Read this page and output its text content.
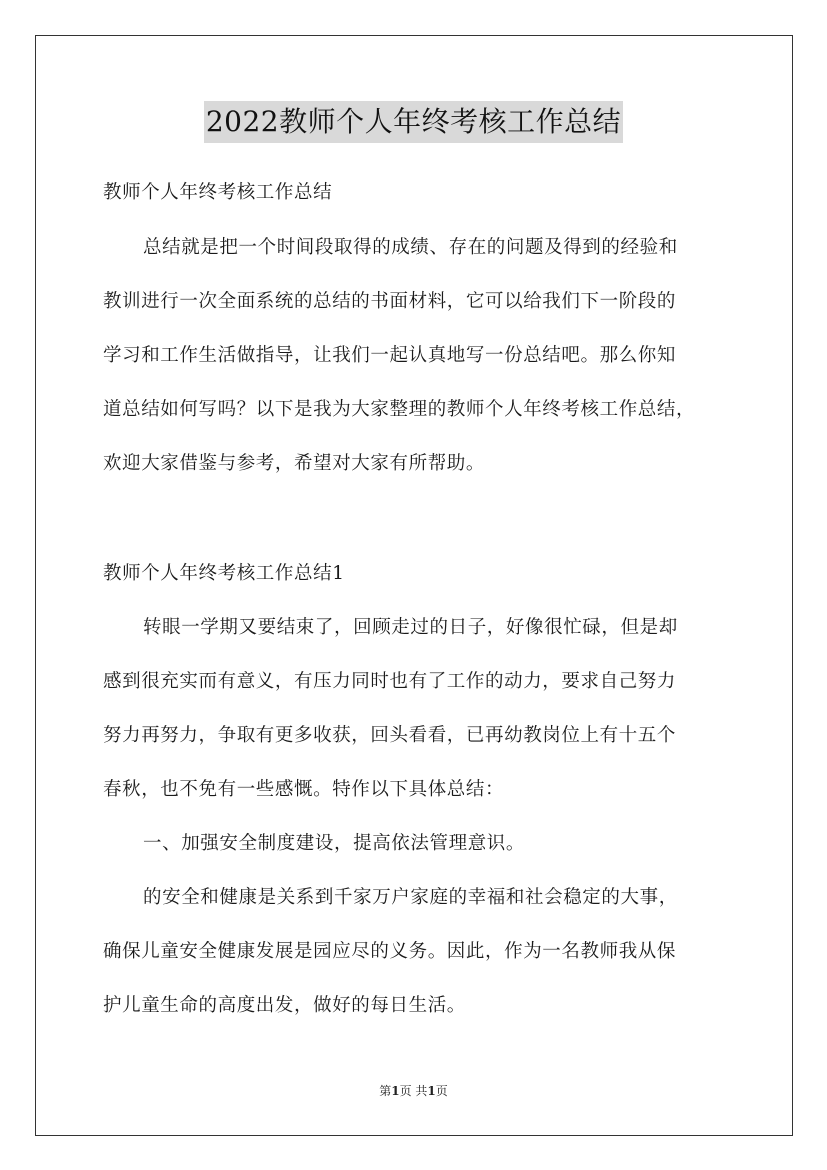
2022教师个人年终考核工作总结
教师个人年终考核工作总结
总结就是把一个时间段取得的成绩、存在的问题及得到的经验和
教训进行一次全面系统的总结的书面材料，它可以给我们下一阶段的
学习和工作生活做指导，让我们一起认真地写一份总结吧。那么你知
道总结如何写吗？以下是我为大家整理的教师个人年终考核工作总结，
欢迎大家借鉴与参考，希望对大家有所帮助。
教师个人年终考核工作总结1
转眼一学期又要结束了，回顾走过的日子，好像很忙碌，但是却
感到很充实而有意义，有压力同时也有了工作的动力，要求自己努力
努力再努力，争取有更多收获，回头看看，已再幼教岗位上有十五个
春秋，也不免有一些感慨。特作以下具体总结：
一、加强安全制度建设，提高依法管理意识。
的安全和健康是关系到千家万户家庭的幸福和社会稳定的大事，
确保儿童安全健康发展是园应尽的义务。因此，作为一名教师我从保
护儿童生命的高度出发，做好的每日生活。
第1页 共1页
